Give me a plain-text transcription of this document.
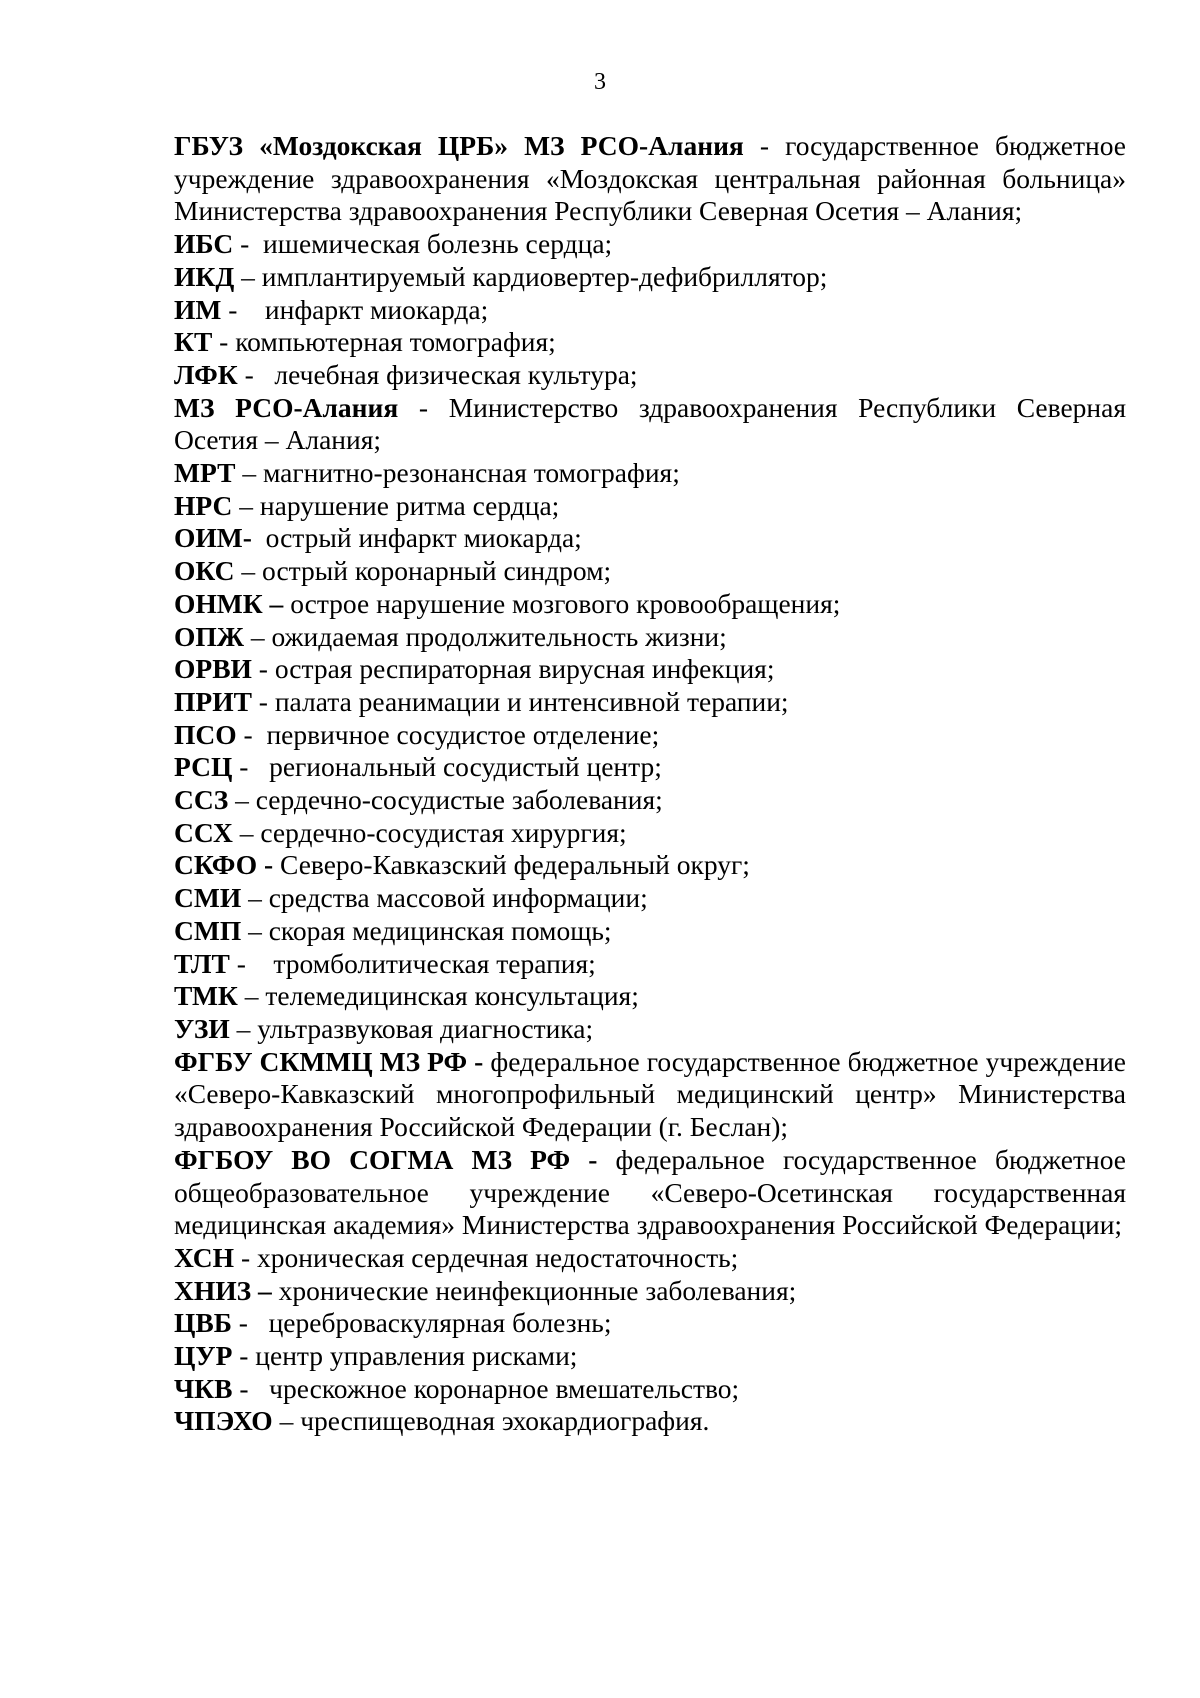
3

ГБУЗ «Моздокская ЦРБ» МЗ РСО-Алания - государственное бюджетное учреждение здравоохранения «Моздокская центральная районная больница» Министерства здравоохранения Республики Северная Осетия – Алания;

ИБС -  ишемическая болезнь сердца;

ИКД – имплантируемый кардиовертер-дефибриллятор;

ИМ -    инфаркт миокарда;

КТ - компьютерная томография;

ЛФК -   лечебная физическая культура;

МЗ РСО-Алания - Министерство здравоохранения Республики Северная Осетия – Алания;

МРТ – магнитно-резонансная томография;

НРС – нарушение ритма сердца;

ОИМ- острый инфаркт миокарда;

ОКС – острый коронарный синдром;

ОНМК – острое нарушение мозгового кровообращения;

ОПЖ – ожидаемая продолжительность жизни;

ОРВИ - острая респираторная вирусная инфекция;

ПРИТ - палата реанимации и интенсивной терапии;

ПСО -  первичное сосудистое отделение;

РСЦ -   региональный сосудистый центр;

ССЗ – сердечно-сосудистые заболевания;

ССХ – сердечно-сосудистая хирургия;

СКФО - Северо-Кавказский федеральный округ;

СМИ – средства массовой информации;

СМП – скорая медицинская помощь;

ТЛТ -    тромболитическая терапия;

ТМК – телемедицинская консультация;

УЗИ – ультразвуковая диагностика;

ФГБУ СКММЦ МЗ РФ - федеральное государственное бюджетное учреждение «Северо-Кавказский многопрофильный медицинский центр» Министерства здравоохранения Российской Федерации (г. Беслан);

ФГБОУ ВО СОГМА МЗ РФ - федеральное государственное бюджетное общеобразовательное учреждение «Северо-Осетинская государственная медицинская академия» Министерства здравоохранения Российской Федерации;

ХСН - хроническая сердечная недостаточность;

ХНИЗ – хронические неинфекционные заболевания;

ЦВБ -   цереброваскулярная болезнь;

ЦУР - центр управления рисками;

ЧКВ -   чрескожное коронарное вмешательство;

ЧПЭХО – чреспищеводная эхокардиография.
